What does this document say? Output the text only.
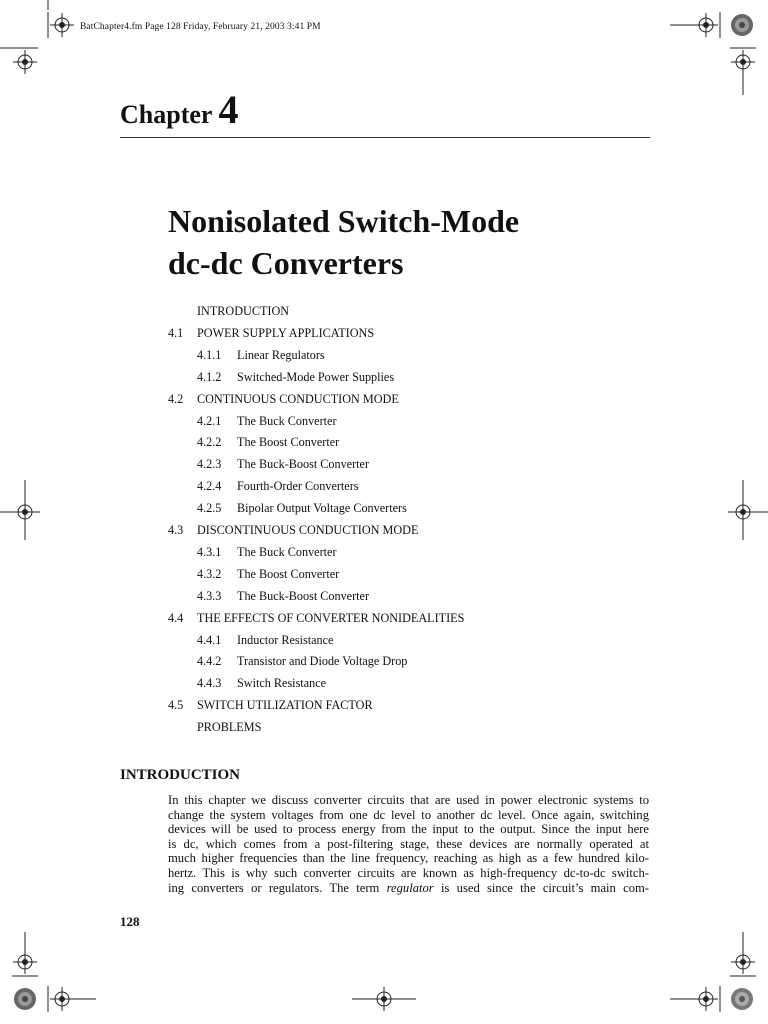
BatChapter4.fm Page 128 Friday, February 21, 2003 3:41 PM
Chapter 4
Nonisolated Switch-Mode
dc-dc Converters
INTRODUCTION
4.1 POWER SUPPLY APPLICATIONS
4.1.1 Linear Regulators
4.1.2 Switched-Mode Power Supplies
4.2 CONTINUOUS CONDUCTION MODE
4.2.1 The Buck Converter
4.2.2 The Boost Converter
4.2.3 The Buck-Boost Converter
4.2.4 Fourth-Order Converters
4.2.5 Bipolar Output Voltage Converters
4.3 DISCONTINUOUS CONDUCTION MODE
4.3.1 The Buck Converter
4.3.2 The Boost Converter
4.3.3 The Buck-Boost Converter
4.4 THE EFFECTS OF CONVERTER NONIDEALITIES
4.4.1 Inductor Resistance
4.4.2 Transistor and Diode Voltage Drop
4.4.3 Switch Resistance
4.5 SWITCH UTILIZATION FACTOR
PROBLEMS
INTRODUCTION
In this chapter we discuss converter circuits that are used in power electronic systems to
change the system voltages from one dc level to another dc level. Once again, switching
devices will be used to process energy from the input to the output. Since the input here
is dc, which comes from a post-filtering stage, these devices are normally operated at
much higher frequencies than the line frequency, reaching as high as a few hundred kilo-
hertz. This is why such converter circuits are known as high-frequency dc-to-dc switch-
ing converters or regulators. The term regulator is used since the circuit’s main com-
128
